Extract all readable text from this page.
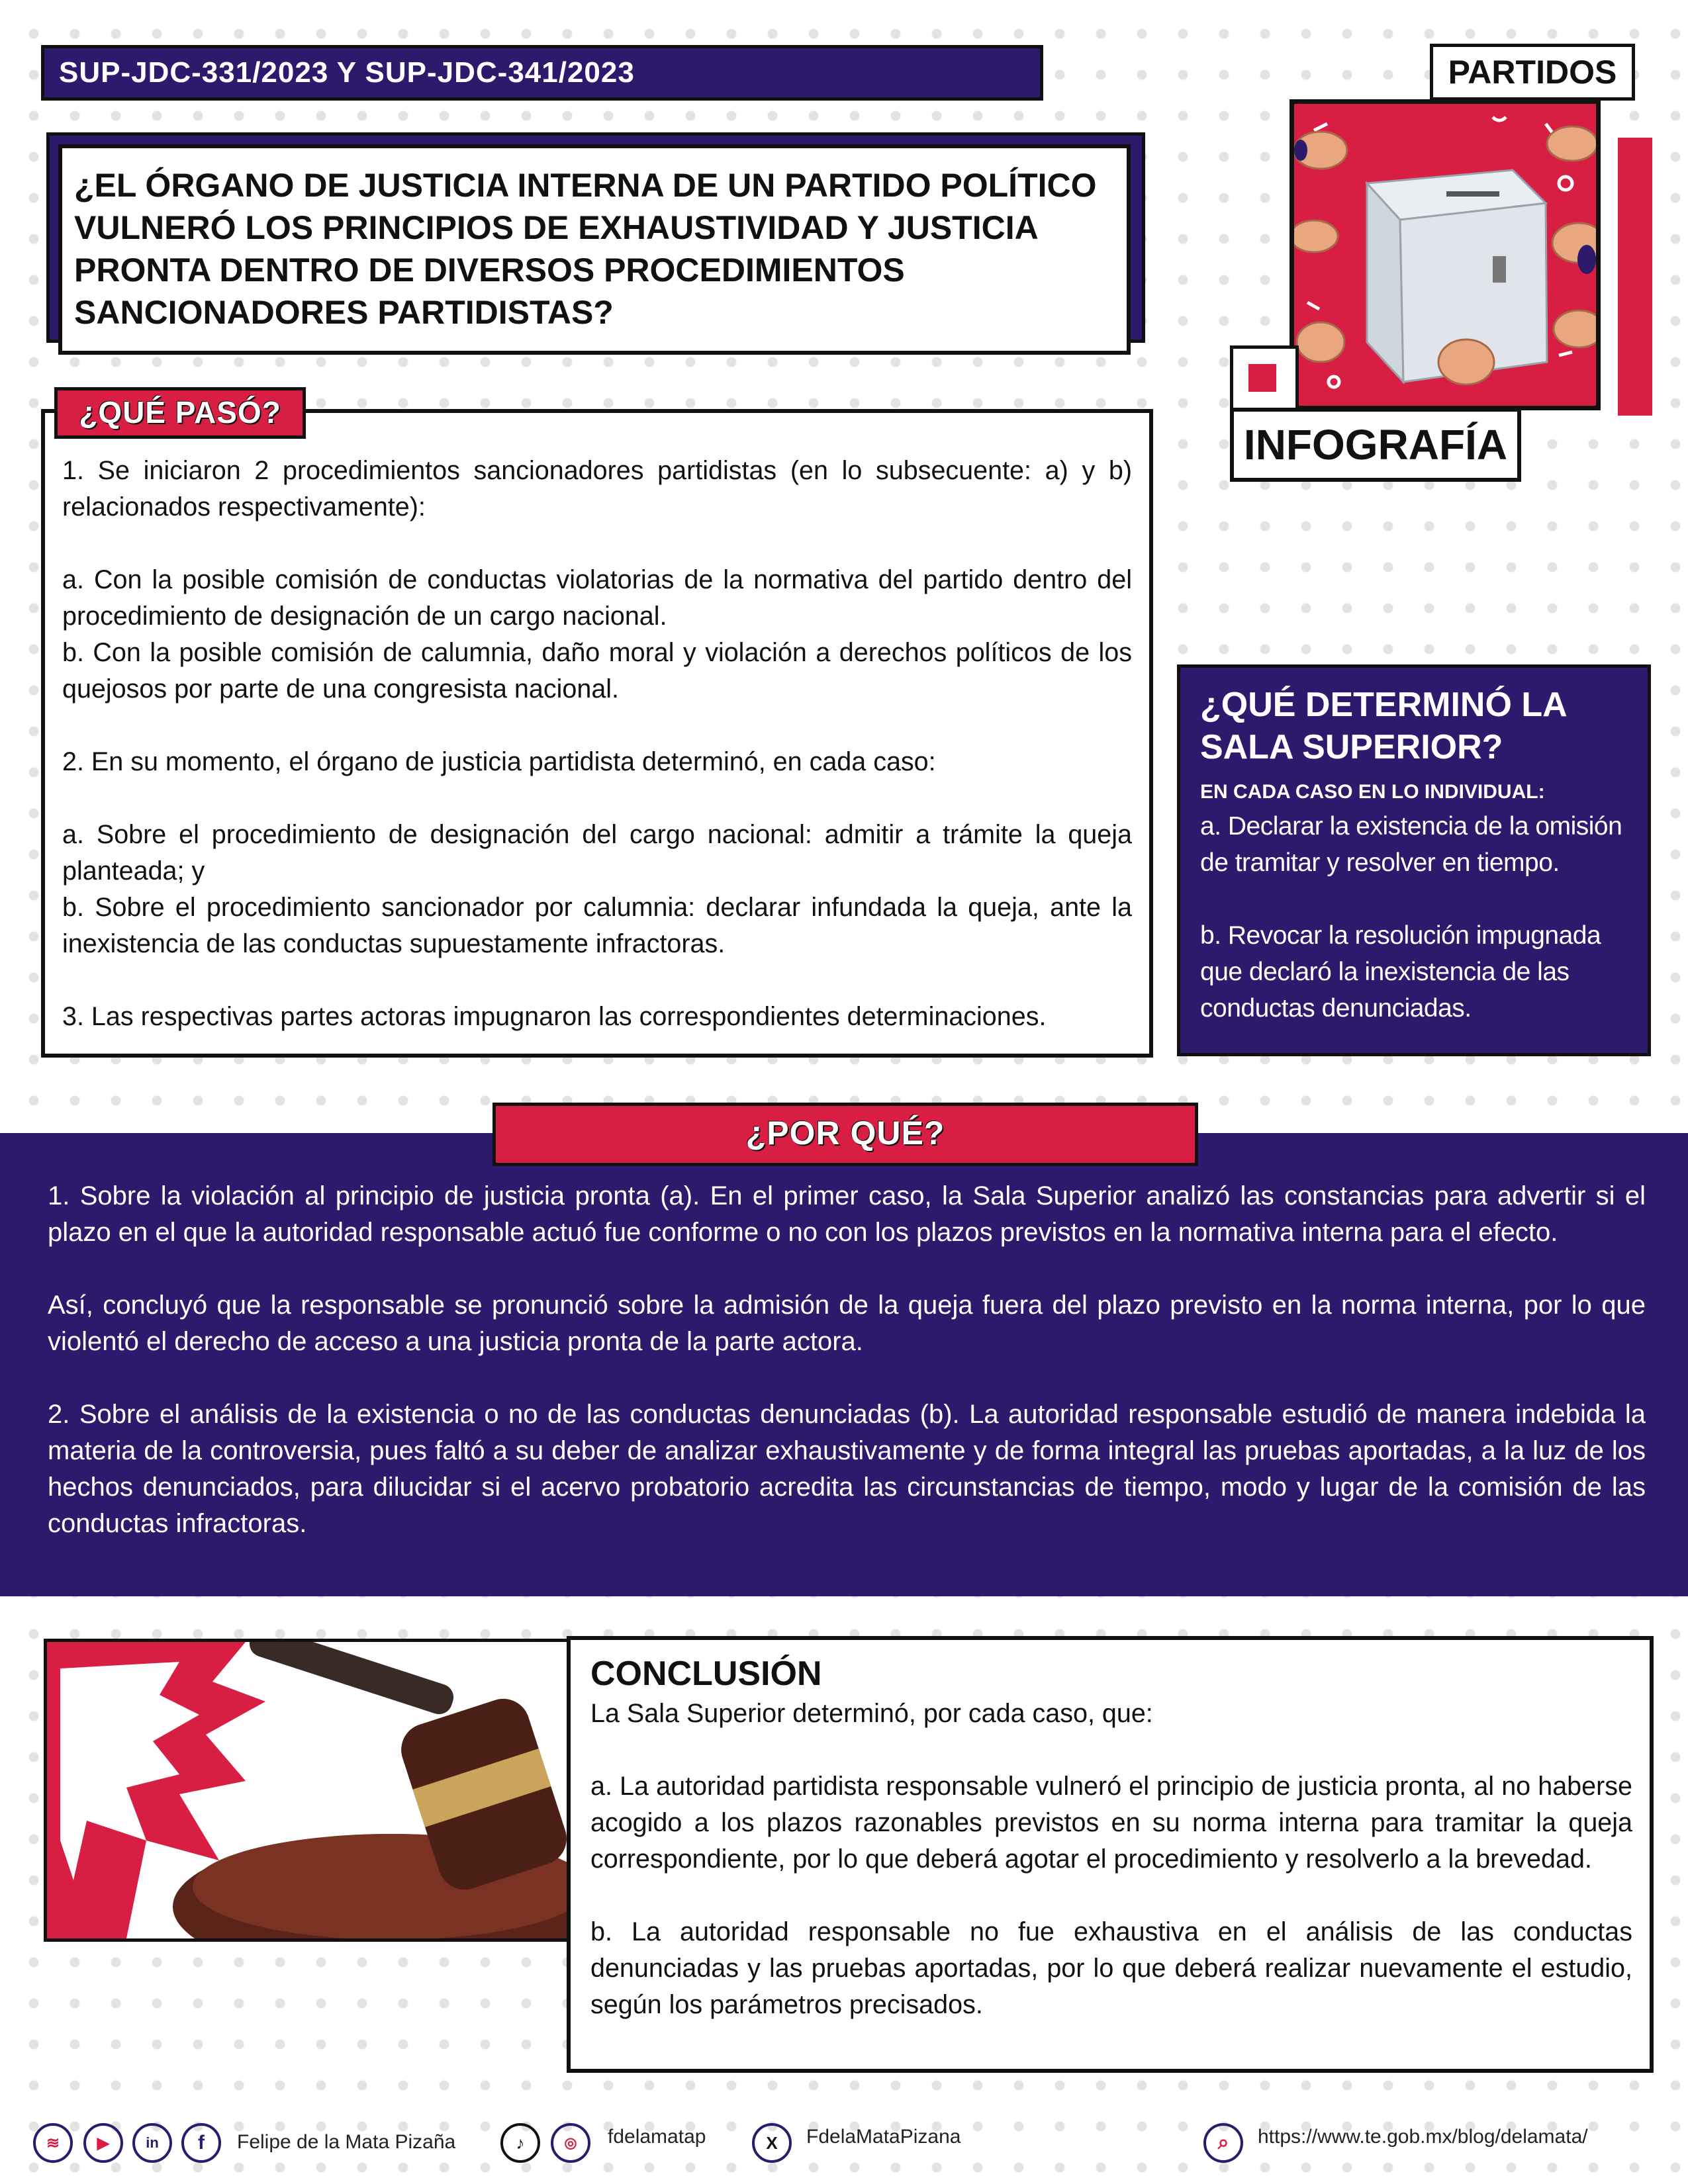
SUP-JDC-331/2023 Y SUP-JDC-341/2023
¿EL ÓRGANO DE JUSTICIA INTERNA DE UN PARTIDO POLÍTICO VULNERÓ LOS PRINCIPIOS DE EXHAUSTIVIDAD Y JUSTICIA PRONTA DENTRO DE DIVERSOS PROCEDIMIENTOS SANCIONADORES PARTIDISTAS?
PARTIDOS
INFOGRAFÍA

1. Se iniciaron 2 procedimientos sancionadores partidistas (en lo subsecuente: a) y b) relacionados respectivamente):

a. Con la posible comisión de conductas violatorias de la normativa del partido dentro del procedimiento de designación de un cargo nacional.

b. Con la posible comisión de calumnia, daño moral y violación a derechos políticos de los quejosos por parte de una congresista nacional.

2. En su momento, el órgano de justicia partidista determinó, en cada caso:

a. Sobre el procedimiento de designación del cargo nacional: admitir a trámite la queja planteada; y

b. Sobre el procedimiento sancionador por calumnia: declarar infundada la queja, ante la inexistencia de las conductas supuestamente infractoras.

3. Las respectivas partes actoras impugnaron las correspondientes determinaciones.

¿QUÉ PASÓ?

¿QUÉ DETERMINÓ LA SALA SUPERIOR?

EN CADA CASO EN LO INDIVIDUAL:

a. Declarar la existencia de la omisión de tramitar y resolver en tiempo.

b. Revocar la resolución impugnada que declaró la inexistencia de las conductas denunciadas.

¿POR QUÉ?

1. Sobre la violación al principio de justicia pronta (a). En el primer caso, la Sala Superior analizó las constancias para advertir si el plazo en el que la autoridad responsable actuó fue conforme o no con los plazos previstos en la normativa interna para el efecto.

Así, concluyó que la responsable se pronunció sobre la admisión de la queja fuera del plazo previsto en la norma interna, por lo que violentó el derecho de acceso a una justicia pronta de la parte actora.

2. Sobre el análisis de la existencia o no de las conductas denunciadas (b). La autoridad responsable estudió de manera indebida la materia de la controversia, pues faltó a su deber de analizar exhaustivamente y de forma integral las pruebas aportadas, a la luz de los hechos denunciados, para dilucidar si el acervo probatorio acredita las circunstancias de tiempo, modo y lugar de la comisión de las conductas infractoras.

CONCLUSIÓN

La Sala Superior determinó, por cada caso, que:

a. La autoridad partidista responsable vulneró el principio de justicia pronta, al no haberse acogido a los plazos razonables previstos en su norma interna para tramitar la queja correspondiente, por lo que deberá agotar el procedimiento y resolverlo a la brevedad.

b. La autoridad responsable no fue exhaustiva en el análisis de las conductas denunciadas y las pruebas aportadas, por lo que deberá realizar nuevamente el estudio, según los parámetros precisados.

≋	▶	in	f	Felipe de la Mata Pizaña	♪	◎	fdelamatap	X	FdelaMataPizana	⌕	https://www.te.gob.mx/blog/delamata/
